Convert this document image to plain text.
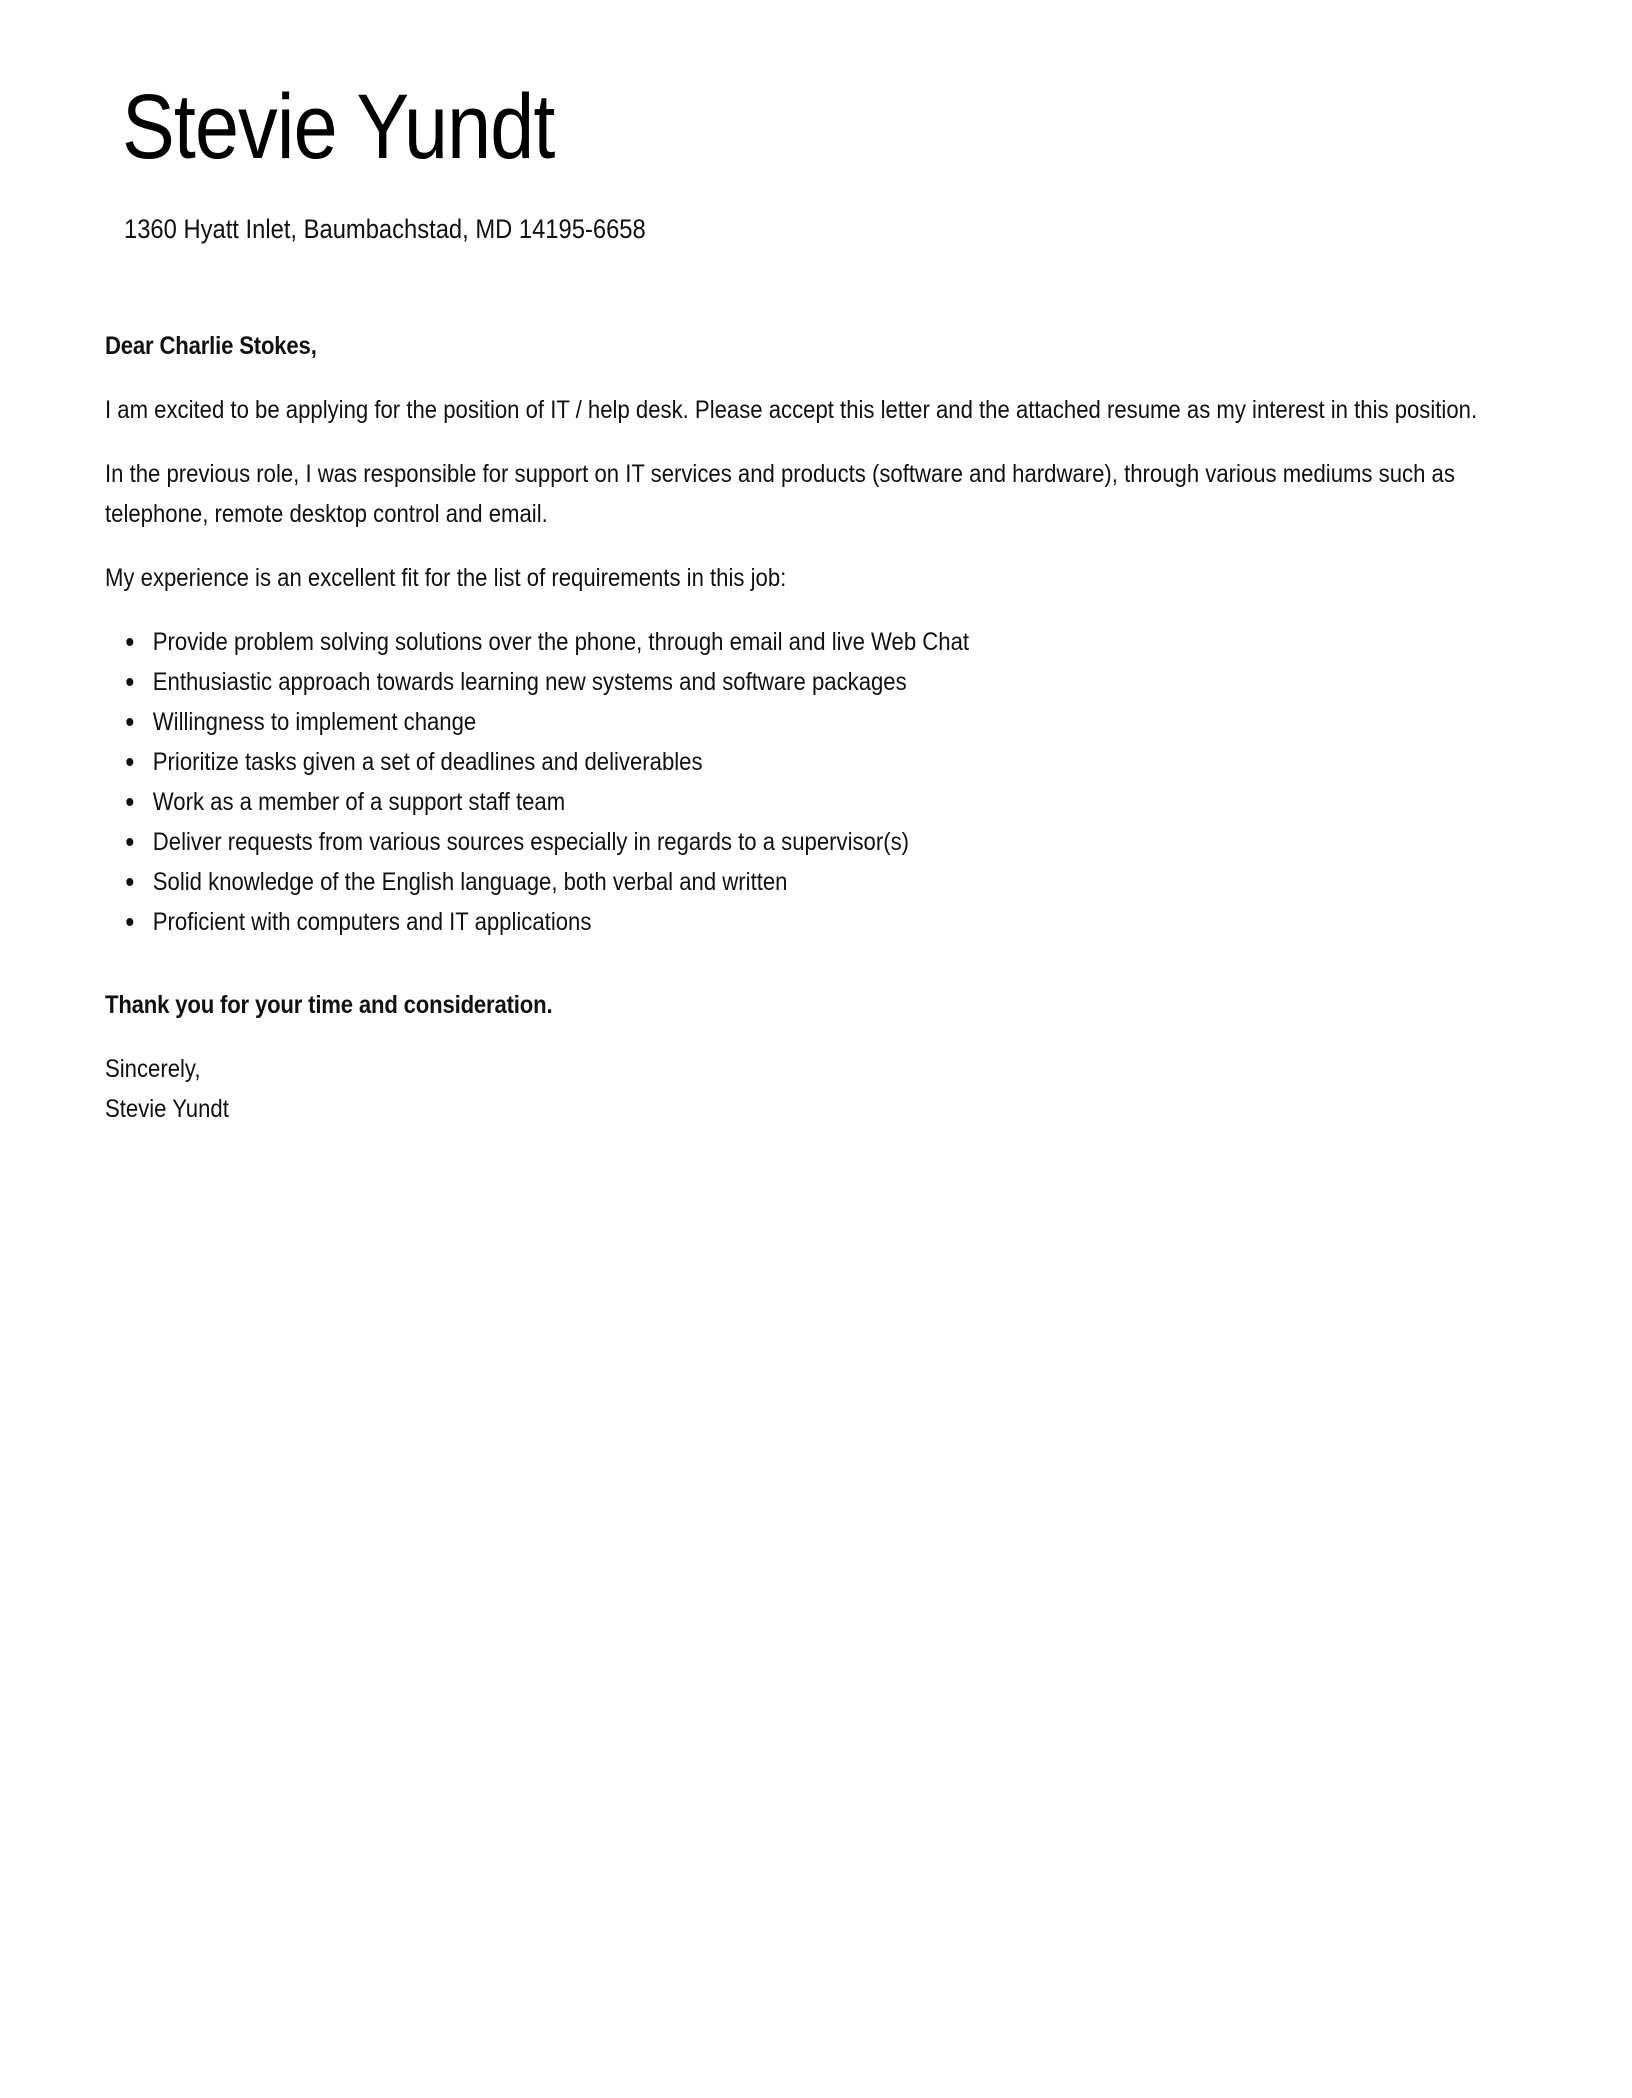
Stevie Yundt
1360 Hyatt Inlet, Baumbachstad, MD 14195-6658

Dear Charlie Stokes,

I am excited to be applying for the position of IT / help desk. Please accept this letter and the attached resume as my interest in this position.

In the previous role, I was responsible for support on IT services and products (software and hardware), through various mediums such as telephone, remote desktop control and email.

My experience is an excellent fit for the list of requirements in this job:

Provide problem solving solutions over the phone, through email and live Web Chat
Enthusiastic approach towards learning new systems and software packages
Willingness to implement change
Prioritize tasks given a set of deadlines and deliverables
Work as a member of a support staff team
Deliver requests from various sources especially in regards to a supervisor(s)
Solid knowledge of the English language, both verbal and written
Proficient with computers and IT applications

Thank you for your time and consideration.

Sincerely,
Stevie Yundt
